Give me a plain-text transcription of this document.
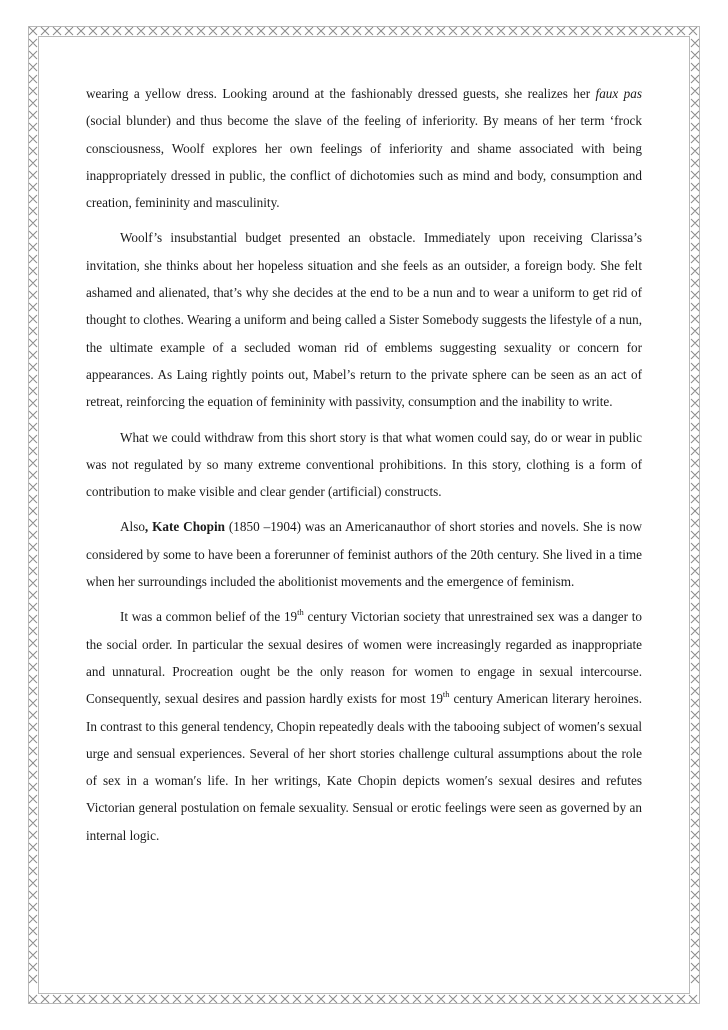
wearing a yellow dress. Looking around at the fashionably dressed guests, she realizes her faux pas (social blunder) and thus become the slave of the feeling of inferiority. By means of her term ‘frock consciousness, Woolf explores her own feelings of inferiority and shame associated with being inappropriately dressed in public, the conflict of dichotomies such as mind and body, consumption and creation, femininity and masculinity.

Woolf’s insubstantial budget presented an obstacle. Immediately upon receiving Clarissa’s invitation, she thinks about her hopeless situation and she feels as an outsider, a foreign body. She felt ashamed and alienated, that’s why she decides at the end to be a nun and to wear a uniform to get rid of thought to clothes. Wearing a uniform and being called a Sister Somebody suggests the lifestyle of a nun, the ultimate example of a secluded woman rid of emblems suggesting sexuality or concern for appearances. As Laing rightly points out, Mabel’s return to the private sphere can be seen as an act of retreat, reinforcing the equation of femininity with passivity, consumption and the inability to write.

What we could withdraw from this short story is that what women could say, do or wear in public was not regulated by so many extreme conventional prohibitions. In this story, clothing is a form of contribution to make visible and clear gender (artificial) constructs.

Also, Kate Chopin (1850 –1904) was an Americanauthor of short stories and novels. She is now considered by some to have been a forerunner of feminist authors of the 20th century. She lived in a time when her surroundings included the abolitionist movements and the emergence of feminism.

It was a common belief of the 19th century Victorian society that unrestrained sex was a danger to the social order. In particular the sexual desires of women were increasingly regarded as inappropriate and unnatural. Procreation ought be the only reason for women to engage in sexual intercourse. Consequently, sexual desires and passion hardly exists for most 19th century American literary heroines. In contrast to this general tendency, Chopin repeatedly deals with the tabooing subject of women′s sexual urge and sensual experiences. Several of her short stories challenge cultural assumptions about the role of sex in a woman′s life. In her writings, Kate Chopin depicts women′s sexual desires and refutes Victorian general postulation on female sexuality. Sensual or erotic feelings were seen as governed by an internal logic.
